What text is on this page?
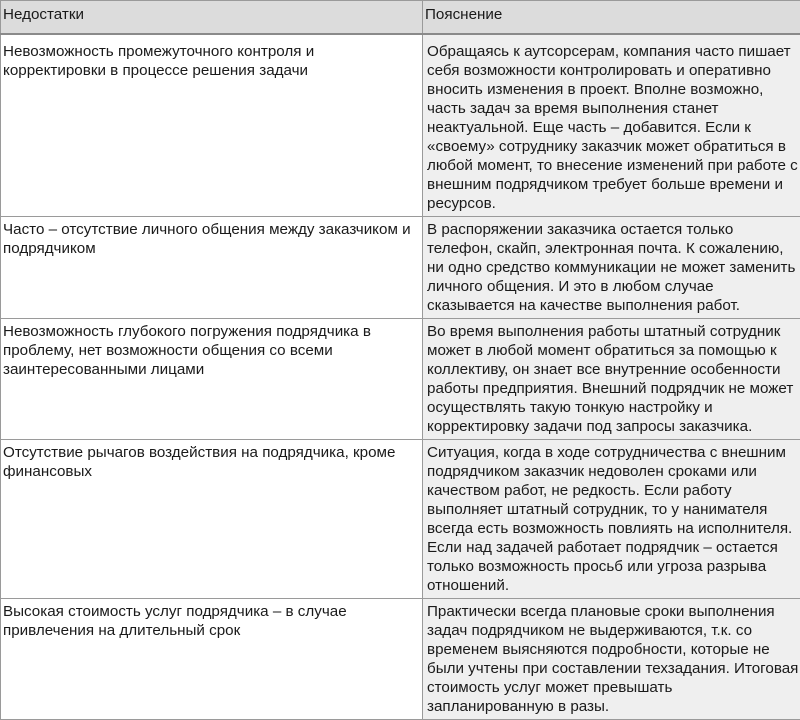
Недостатки	Пояснение
Невозможность промежуточного контроля и корректировки в процессе решения задачи	Обращаясь к аутсорсерам, компания часто пишает себя возможности контролировать и оперативно вносить изменения в проект. Вполне возможно, часть задач за время выполнения станет неактуальной. Еще часть – добавится. Если к «своему» сотруднику заказчик может обратиться в любой момент, то внесение изменений при работе с внешним подрядчиком требует больше времени и ресурсов.
Часто – отсутствие личного общения между заказчиком и подрядчиком	В распоряжении заказчика остается только телефон, скайп, электронная почта. К сожалению, ни одно средство коммуникации не может заменить личного общения. И это в любом случае сказывается на качестве выполнения работ.
Невозможность глубокого погружения подрядчика в проблему, нет возможности общения со всеми заинтересованными лицами	Во время выполнения работы штатный сотрудник может в любой момент обратиться за помощью к коллективу, он знает все внутренние особенности работы предприятия. Внешний подрядчик не может осуществлять такую тонкую настройку и корректировку задачи под запросы заказчика.
Отсутствие рычагов воздействия на подрядчика, кроме финансовых	Ситуация, когда в ходе сотрудничества с внешним подрядчиком заказчик недоволен сроками или качеством работ, не редкость. Если работу выполняет штатный сотрудник, то у нанимателя всегда есть возможность повлиять на исполнителя. Если над задачей работает подрядчик – остается только возможность просьб или угроза разрыва отношений.
Высокая стоимость услуг подрядчика – в случае привлечения на длительный срок	Практически всегда плановые сроки выполнения задач подрядчиком не выдерживаются, т.к. со временем выясняются подробности, которые не были учтены при составлении техзадания. Итоговая стоимость услуг может превышать запланированную в разы.
